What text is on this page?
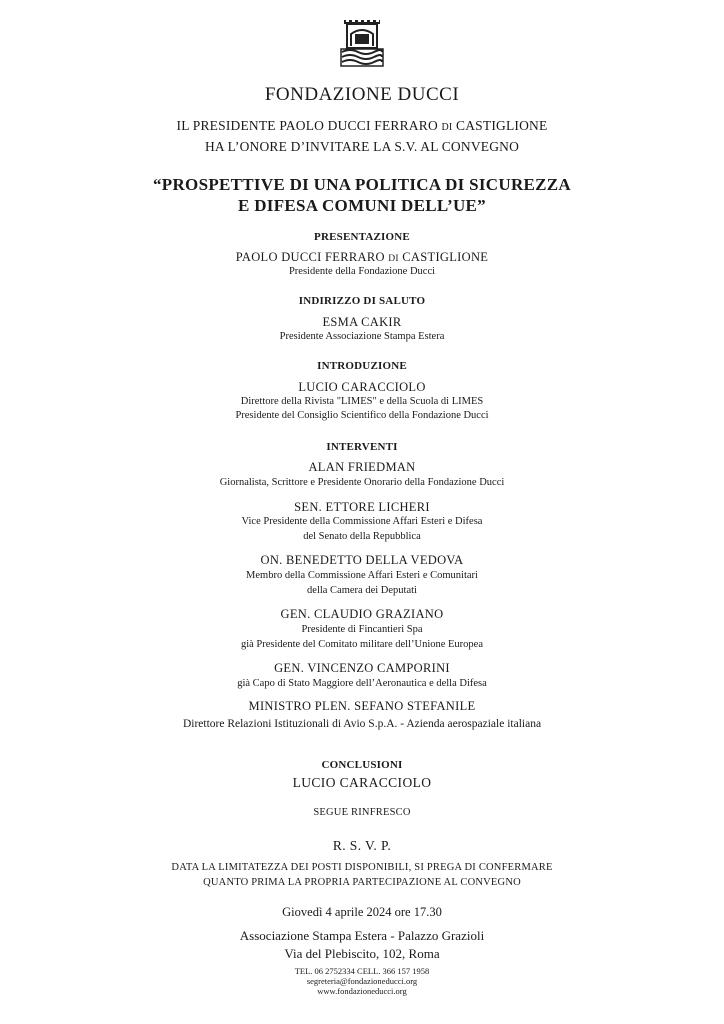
FONDAZIONE DUCCI
IL PRESIDENTE PAOLO DUCCI FERRARO DI CASTIGLIONE
HA L’ONORE D’INVITARE LA S.V. AL CONVEGNO
“PROSPETTIVE DI UNA POLITICA DI SICUREZZA
E DIFESA COMUNI DELL’UE”
PRESENTAZIONE
PAOLO DUCCI FERRARO DI CASTIGLIONE
Presidente della Fondazione Ducci
INDIRIZZO DI SALUTO
ESMA CAKIR
Presidente Associazione Stampa Estera
INTRODUZIONE
LUCIO CARACCIOLO
Direttore della Rivista "LIMES" e della Scuola di LIMES
Presidente del Consiglio Scientifico della Fondazione Ducci
INTERVENTI
ALAN FRIEDMAN
Giornalista, Scrittore e Presidente Onorario della Fondazione Ducci
SEN. ETTORE LICHERI
Vice Presidente della Commissione Affari Esteri e Difesa
del Senato della Repubblica
ON. BENEDETTO DELLA VEDOVA
Membro della Commissione Affari Esteri e Comunitari
della Camera dei Deputati
GEN. CLAUDIO GRAZIANO
Presidente di Fincantieri Spa
già Presidente del Comitato militare dell’Unione Europea
GEN. VINCENZO CAMPORINI
già Capo di Stato Maggiore dell’Aeronautica e della Difesa
MINISTRO PLEN. SEFANO STEFANILE
Direttore Relazioni Istituzionali di Avio S.p.A. - Azienda aerospaziale italiana
CONCLUSIONI
LUCIO CARACCIOLO
SEGUE RINFRESCO
R. S. V. P.
DATA LA LIMITATEZZA DEI POSTI DISPONIBILI, SI PREGA DI CONFERMARE
QUANTO PRIMA LA PROPRIA PARTECIPAZIONE AL CONVEGNO
Giovedì 4 aprile 2024 ore 17.30
Associazione Stampa Estera - Palazzo Grazioli
Via del Plebiscito, 102, Roma
TEL. 06 2752334 CELL. 366 157 1958
segreteria@fondazioneducci.org
www.fondazioneducci.org
